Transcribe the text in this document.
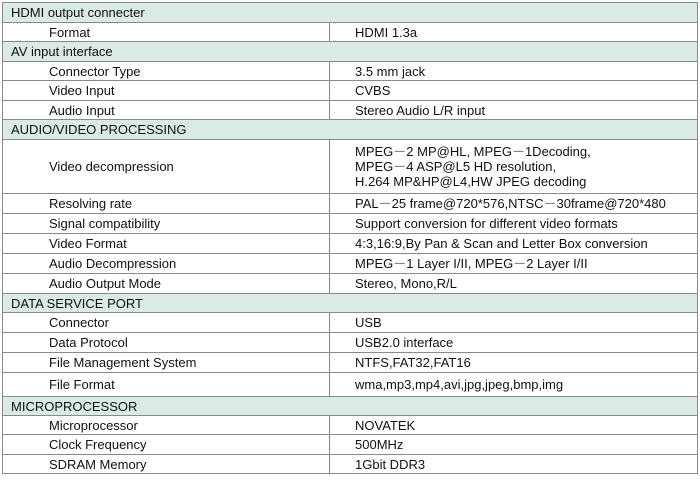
HDMI output connecter	
Format	HDMI 1.3a

AV input interface	
Connector Type	3.5 mm jack

Video Input	CVBS

Audio Input	Stereo Audio L/R input

AUDIO/VIDEO PROCESSING	
Video decompression	MPEG－2 MP@HL, MPEG－1Decoding,
MPEG－4 ASP@L5 HD resolution,
H.264 MP&HP@L4,HW JPEG decoding

Resolving rate	PAL－25 frame@720*576,NTSC－30frame@720*480

Signal compatibility	Support conversion for different video formats

Video Format	4:3,16:9,By Pan & Scan and Letter Box conversion

Audio Decompression	MPEG－1 Layer I/II, MPEG－2 Layer I/II

Audio Output Mode	Stereo, Mono,R/L

DATA SERVICE PORT	
Connector	USB

Data Protocol	USB2.0 interface

File Management System	NTFS,FAT32,FAT16

File Format	wma,mp3,mp4,avi,jpg,jpeg,bmp,img

MICROPROCESSOR	
Microprocessor	NOVATEK

Clock Frequency	500MHz

SDRAM Memory	1Gbit DDR3
